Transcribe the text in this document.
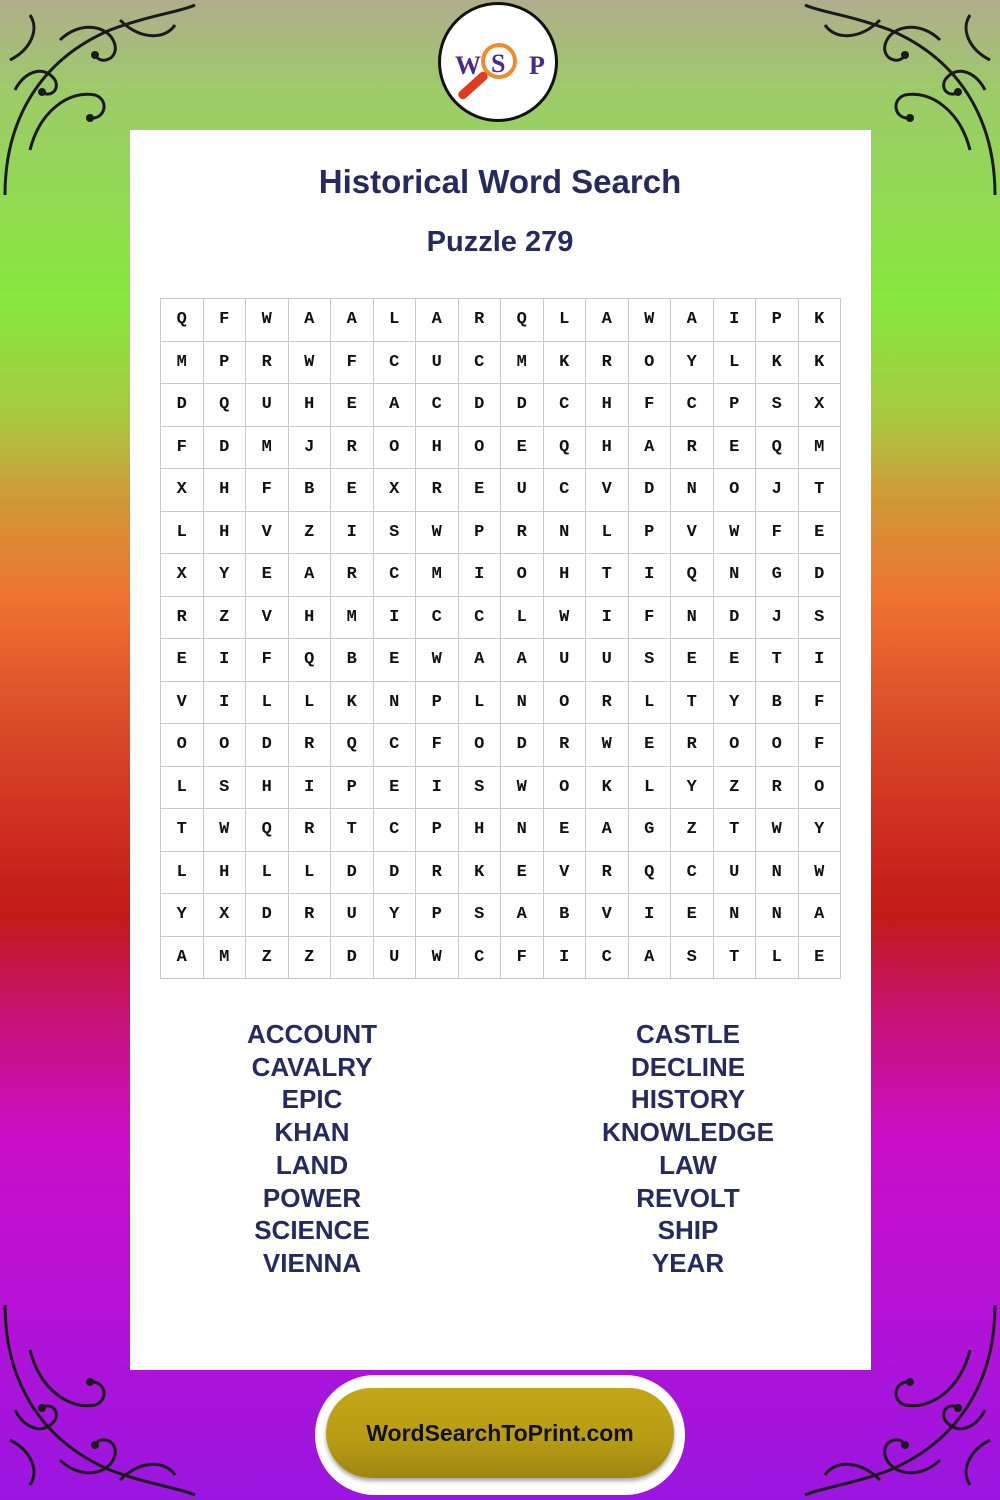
W S P
Historical Word Search
Puzzle 279
Q	F	W	A	A	L	A	R	Q	L	A	W	A	I	P	K
M	P	R	W	F	C	U	C	M	K	R	O	Y	L	K	K
D	Q	U	H	E	A	C	D	D	C	H	F	C	P	S	X
F	D	M	J	R	O	H	O	E	Q	H	A	R	E	Q	M
X	H	F	B	E	X	R	E	U	C	V	D	N	O	J	T
L	H	V	Z	I	S	W	P	R	N	L	P	V	W	F	E
X	Y	E	A	R	C	M	I	O	H	T	I	Q	N	G	D
R	Z	V	H	M	I	C	C	L	W	I	F	N	D	J	S
E	I	F	Q	B	E	W	A	A	U	U	S	E	E	T	I
V	I	L	L	K	N	P	L	N	O	R	L	T	Y	B	F
O	O	D	R	Q	C	F	O	D	R	W	E	R	O	O	F
L	S	H	I	P	E	I	S	W	O	K	L	Y	Z	R	O
T	W	Q	R	T	C	P	H	N	E	A	G	Z	T	W	Y
L	H	L	L	D	D	R	K	E	V	R	Q	C	U	N	W
Y	X	D	R	U	Y	P	S	A	B	V	I	E	N	N	A
A	M	Z	Z	D	U	W	C	F	I	C	A	S	T	L	E
ACCOUNT
CAVALRY
EPIC
KHAN
LAND
POWER
SCIENCE
VIENNA
CASTLE
DECLINE
HISTORY
KNOWLEDGE
LAW
REVOLT
SHIP
YEAR
WordSearchToPrint.com
